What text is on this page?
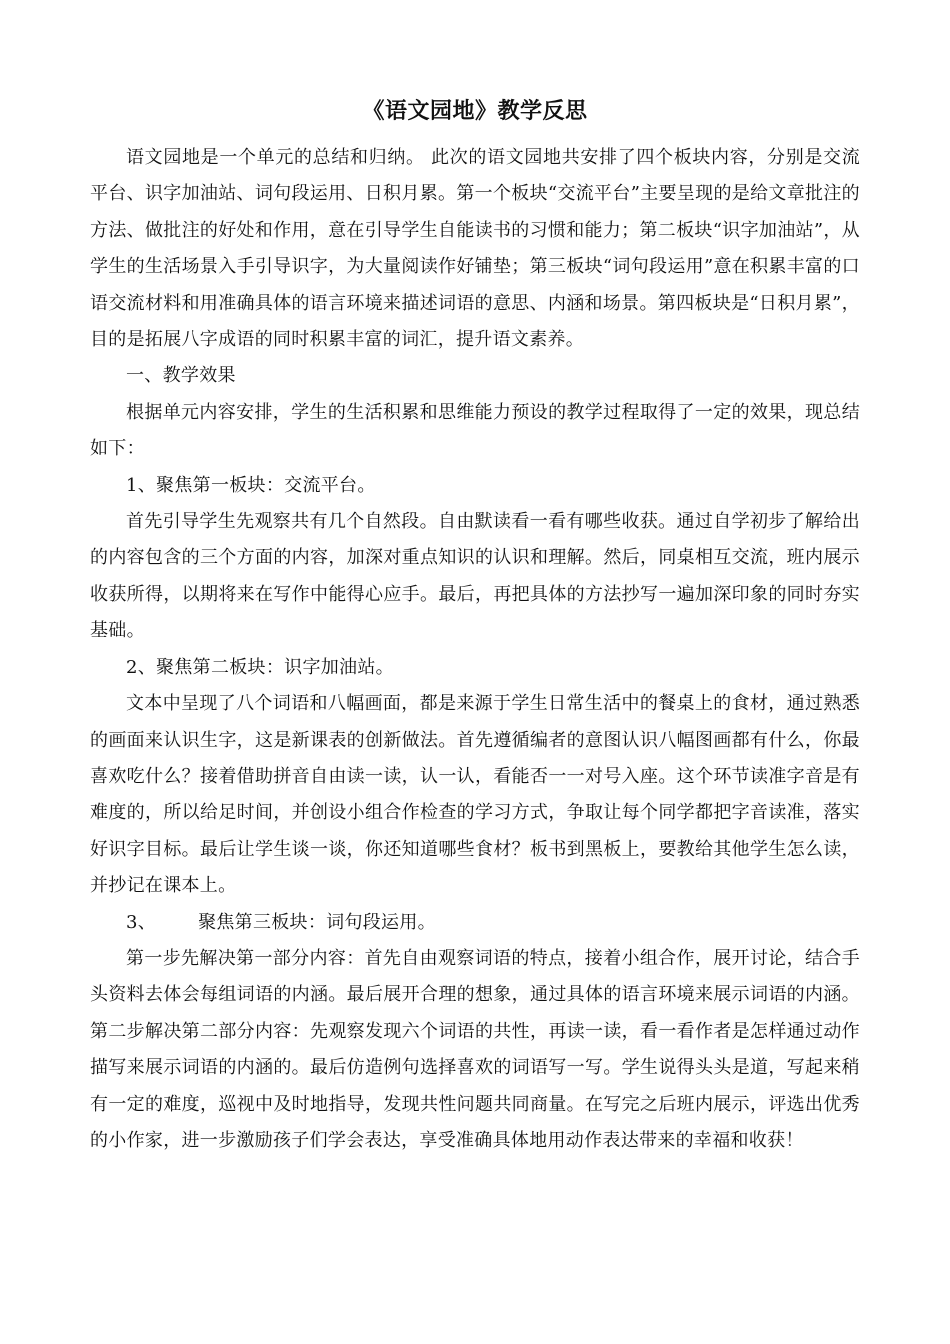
《语文园地》教学反思

语文园地是一个单元的总结和归纳。 此次的语文园地共安排了四个板块内容，分别是交流平台、识字加油站、词句段运用、日积月累。第一个板块“交流平台”主要呈现的是给文章批注的方法、做批注的好处和作用，意在引导学生自能读书的习惯和能力；第二板块“识字加油站”，从学生的生活场景入手引导识字，为大量阅读作好铺垫；第三板块“词句段运用”意在积累丰富的口语交流材料和用准确具体的语言环境来描述词语的意思、内涵和场景。第四板块是“日积月累”，目的是拓展八字成语的同时积累丰富的词汇，提升语文素养。

一、教学效果

根据单元内容安排，学生的生活积累和思维能力预设的教学过程取得了一定的效果，现总结如下：

1、聚焦第一板块：交流平台。

首先引导学生先观察共有几个自然段。自由默读看一看有哪些收获。通过自学初步了解给出的内容包含的三个方面的内容，加深对重点知识的认识和理解。然后，同桌相互交流，班内展示收获所得，以期将来在写作中能得心应手。最后，再把具体的方法抄写一遍加深印象的同时夯实基础。

2、聚焦第二板块：识字加油站。

文本中呈现了八个词语和八幅画面，都是来源于学生日常生活中的餐桌上的食材，通过熟悉的画面来认识生字，这是新课表的创新做法。首先遵循编者的意图认识八幅图画都有什么，你最喜欢吃什么？接着借助拼音自由读一读，认一认，看能否一一对号入座。这个环节读准字音是有难度的，所以给足时间，并创设小组合作检查的学习方式，争取让每个同学都把字音读准，落实好识字目标。最后让学生谈一谈，你还知道哪些食材？板书到黑板上，要教给其他学生怎么读，并抄记在课本上。

3、 聚焦第三板块：词句段运用。

第一步先解决第一部分内容：首先自由观察词语的特点，接着小组合作，展开讨论，结合手头资料去体会每组词语的内涵。最后展开合理的想象，通过具体的语言环境来展示词语的内涵。第二步解决第二部分内容：先观察发现六个词语的共性，再读一读，看一看作者是怎样通过动作描写来展示词语的内涵的。最后仿造例句选择喜欢的词语写一写。学生说得头头是道，写起来稍有一定的难度，巡视中及时地指导，发现共性问题共同商量。在写完之后班内展示，评选出优秀的小作家，进一步激励孩子们学会表达，享受准确具体地用动作表达带来的幸福和收获！
